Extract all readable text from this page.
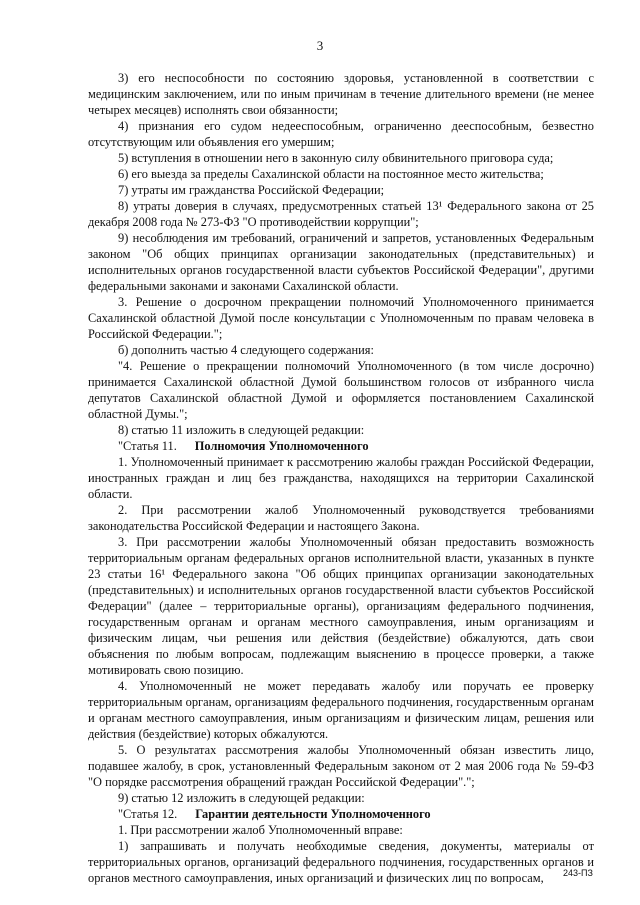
3

3) его неспособности по состоянию здоровья, установленной в соответствии с медицинским заключением, или по иным причинам в течение длительного времени (не менее четырех месяцев) исполнять свои обязанности;

4) признания его судом недееспособным, ограниченно дееспособным, безвестно отсутствующим или объявления его умершим;

5) вступления в отношении него в законную силу обвинительного приговора суда;

6) его выезда за пределы Сахалинской области на постоянное место жительства;

7) утраты им гражданства Российской Федерации;

8) утраты доверия в случаях, предусмотренных статьей 13¹ Федерального закона от 25 декабря 2008 года № 273-ФЗ "О противодействии коррупции";

9) несоблюдения им требований, ограничений и запретов, установленных Федеральным законом "Об общих принципах организации законодательных (представительных) и исполнительных органов государственной власти субъектов Российской Федерации", другими федеральными законами и законами Сахалинской области.

3. Решение о досрочном прекращении полномочий Уполномоченного принимается Сахалинской областной Думой после консультации с Уполномоченным по правам человека в Российской Федерации.";

б) дополнить частью 4 следующего содержания:

"4. Решение о прекращении полномочий Уполномоченного (в том числе досрочно) принимается Сахалинской областной Думой большинством голосов от избранного числа депутатов Сахалинской областной Думой и оформляется постановлением Сахалинской областной Думы.";

8) статью 11 изложить в следующей редакции:

"Статья 11. Полномочия Уполномоченного

1. Уполномоченный принимает к рассмотрению жалобы граждан Российской Федерации, иностранных граждан и лиц без гражданства, находящихся на территории Сахалинской области.

2. При рассмотрении жалоб Уполномоченный руководствуется требованиями законодательства Российской Федерации и настоящего Закона.

3. При рассмотрении жалобы Уполномоченный обязан предоставить возможность территориальным органам федеральных органов исполнительной власти, указанных в пункте 23 статьи 16¹ Федерального закона "Об общих принципах организации законодательных (представительных) и исполнительных органов государственной власти субъектов Российской Федерации" (далее – территориальные органы), организациям федерального подчинения, государственным органам и органам местного самоуправления, иным организациям и физическим лицам, чьи решения или действия (бездействие) обжалуются, дать свои объяснения по любым вопросам, подлежащим выяснению в процессе проверки, а также мотивировать свою позицию.

4. Уполномоченный не может передавать жалобу или поручать ее проверку территориальным органам, организациям федерального подчинения, государственным органам и органам местного самоуправления, иным организациям и физическим лицам, решения или действия (бездействие) которых обжалуются.

5. О результатах рассмотрения жалобы Уполномоченный обязан известить лицо, подавшее жалобу, в срок, установленный Федеральным законом от 2 мая 2006 года № 59-ФЗ "О порядке рассмотрения обращений граждан Российской Федерации".";

9) статью 12 изложить в следующей редакции:

"Статья 12. Гарантии деятельности Уполномоченного

1. При рассмотрении жалоб Уполномоченный вправе:

1) запрашивать и получать необходимые сведения, документы, материалы от территориальных органов, организаций федерального подчинения, государственных органов и органов местного самоуправления, иных организаций и физических лиц по вопросам,	243-ПЗ
